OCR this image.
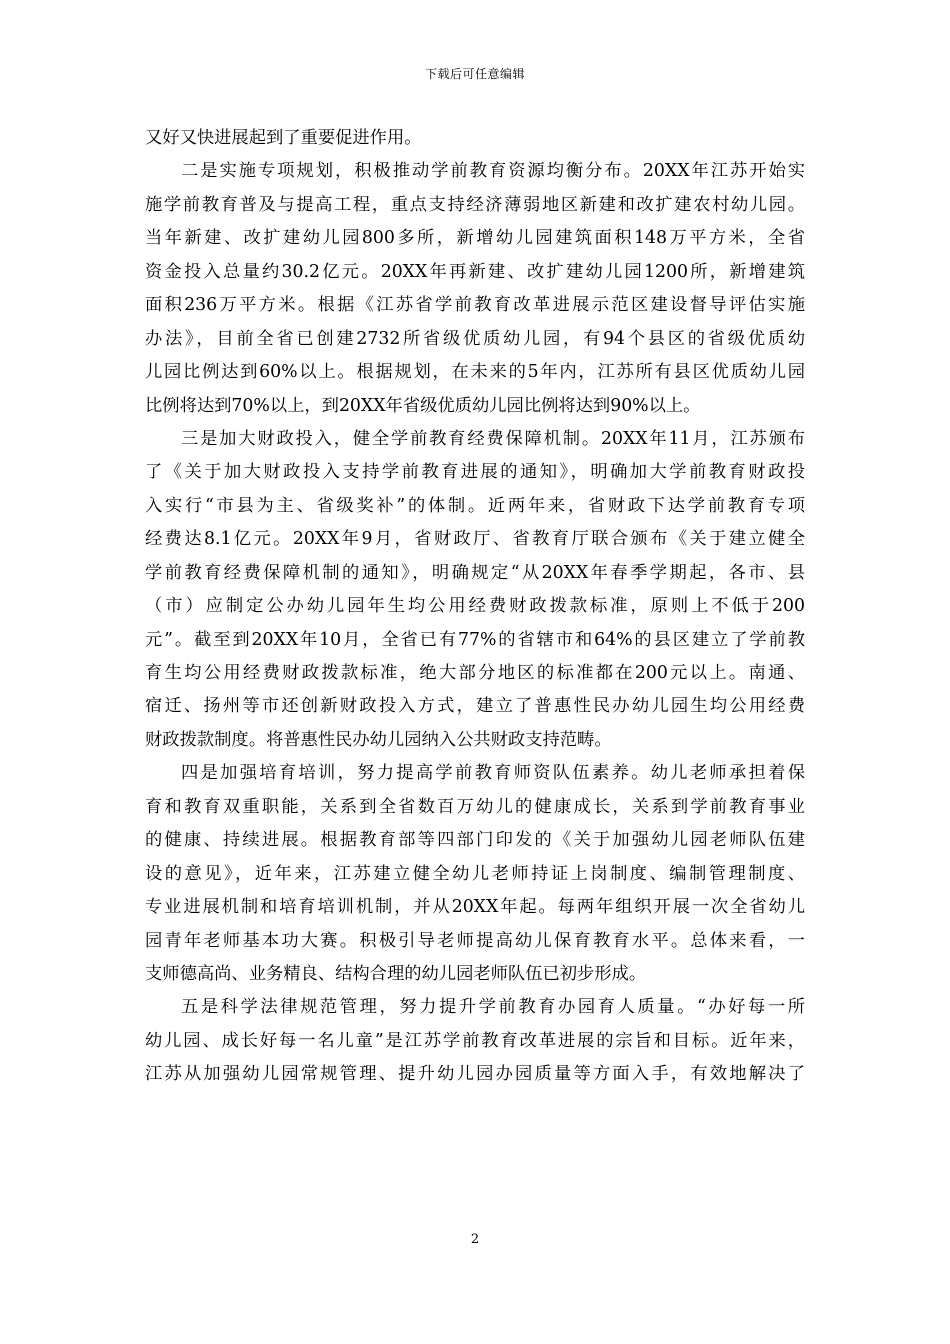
下载后可任意编辑
又好又快进展起到了重要促进作用。
二是实施专项规划，积极推动学前教育资源均衡分布。20XX年江苏开始实
施学前教育普及与提高工程，重点支持经济薄弱地区新建和改扩建农村幼儿园。
当年新建、改扩建幼儿园800多所，新增幼儿园建筑面积148万平方米，全省
资金投入总量约30.2亿元。20XX年再新建、改扩建幼儿园1200所，新增建筑
面积236万平方米。根据《江苏省学前教育改革进展示范区建设督导评估实施
办法》，目前全省已创建2732所省级优质幼儿园，有94个县区的省级优质幼
儿园比例达到60%以上。根据规划，在未来的5年内，江苏所有县区优质幼儿园
比例将达到70%以上，到20XX年省级优质幼儿园比例将达到90%以上。
三是加大财政投入，健全学前教育经费保障机制。20XX年11月，江苏颁布
了《关于加大财政投入支持学前教育进展的通知》，明确加大学前教育财政投
入实行“市县为主、省级奖补”的体制。近两年来，省财政下达学前教育专项
经费达8.1亿元。20XX年9月，省财政厅、省教育厅联合颁布《关于建立健全
学前教育经费保障机制的通知》，明确规定“从20XX年春季学期起，各市、县
（市）应制定公办幼儿园年生均公用经费财政拨款标准，原则上不低于200
元”。截至到20XX年10月，全省已有77%的省辖市和64%的县区建立了学前教
育生均公用经费财政拨款标准，绝大部分地区的标准都在200元以上。南通、
宿迁、扬州等市还创新财政投入方式，建立了普惠性民办幼儿园生均公用经费
财政拨款制度。将普惠性民办幼儿园纳入公共财政支持范畴。
四是加强培育培训，努力提高学前教育师资队伍素养。幼儿老师承担着保
育和教育双重职能，关系到全省数百万幼儿的健康成长，关系到学前教育事业
的健康、持续进展。根据教育部等四部门印发的《关于加强幼儿园老师队伍建
设的意见》，近年来，江苏建立健全幼儿老师持证上岗制度、编制管理制度、
专业进展机制和培育培训机制，并从20XX年起。每两年组织开展一次全省幼儿
园青年老师基本功大赛。积极引导老师提高幼儿保育教育水平。总体来看，一
支师德高尚、业务精良、结构合理的幼儿园老师队伍已初步形成。
五是科学法律规范管理，努力提升学前教育办园育人质量。“办好每一所
幼儿园、成长好每一名儿童”是江苏学前教育改革进展的宗旨和目标。近年来，
江苏从加强幼儿园常规管理、提升幼儿园办园质量等方面入手，有效地解决了
2
